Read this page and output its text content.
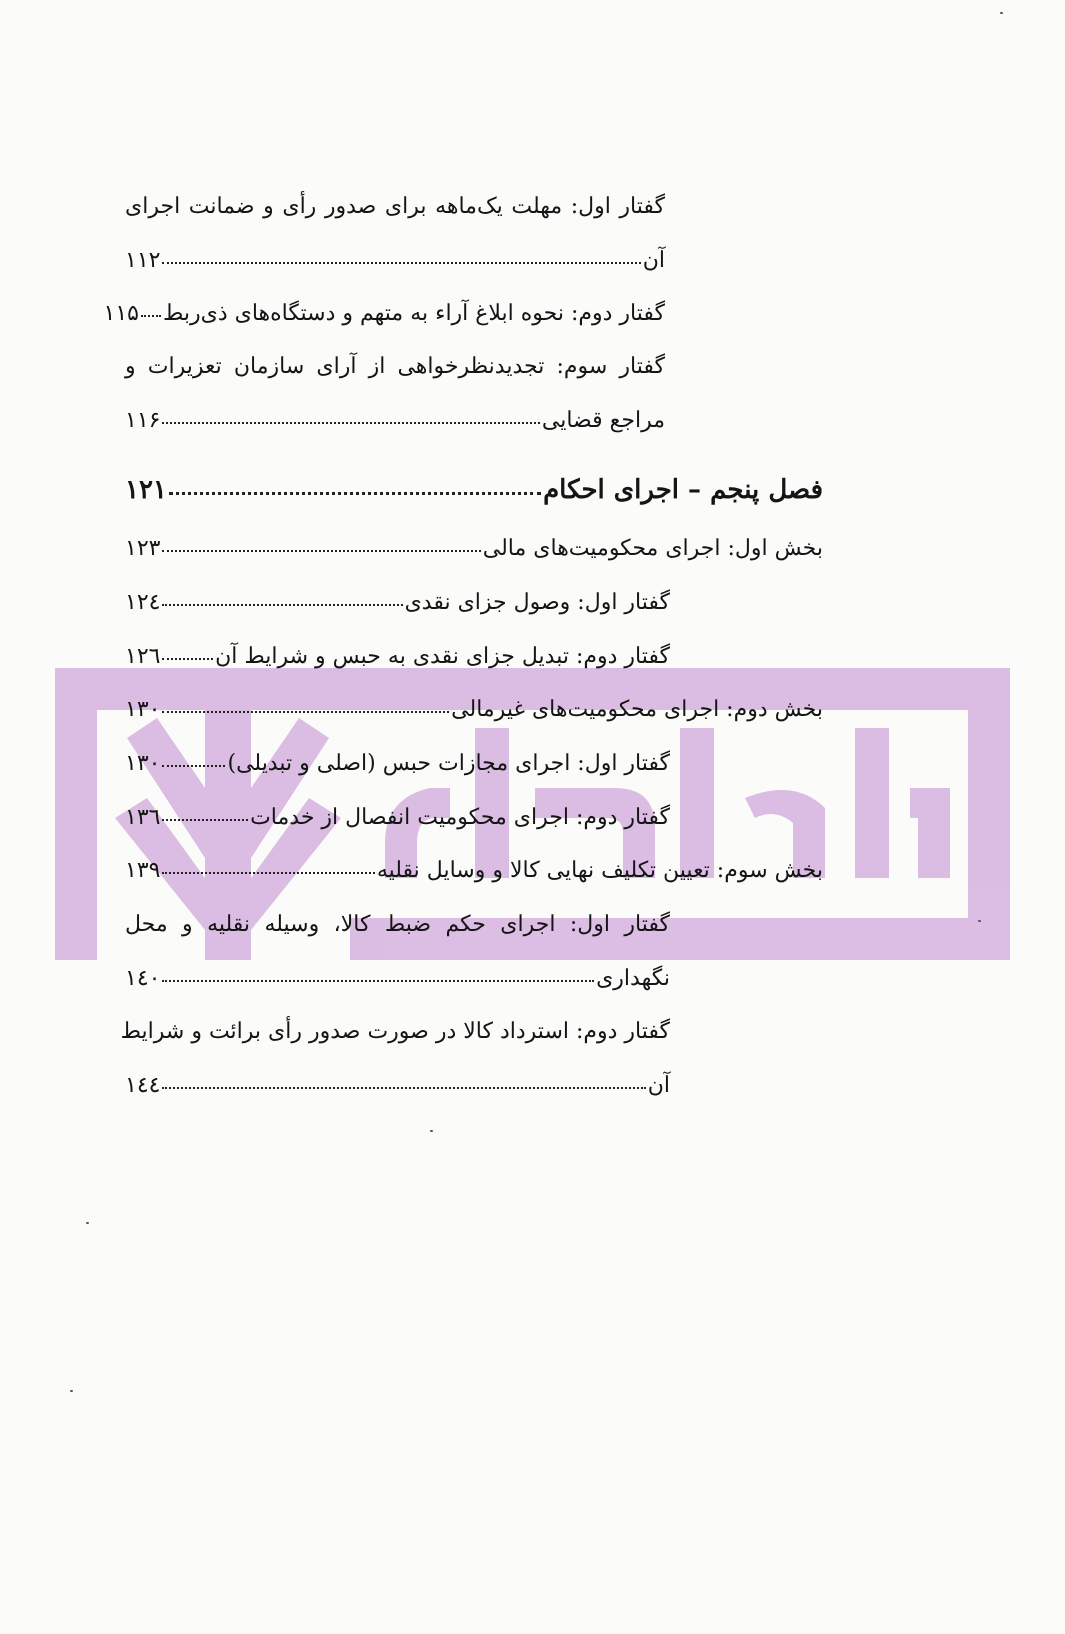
گفتار اول: مهلت یک‌ماهه برای صدور رأی و ضمانت اجرای
آن
۱۱۲
گفتار دوم: نحوه ابلاغ آراء به متهم و دستگاه‌های ذی‌ربط
۱۱۵
گفتار سوم: تجدیدنظرخواهی از آرای سازمان تعزیرات و
مراجع قضایی
۱۱۶
فصل پنجم – اجرای احکام
۱۲۱
بخش اول: اجرای محکومیت‌های مالی
۱۲۳
گفتار اول: وصول جزای نقدی
۱۲٤
گفتار دوم: تبدیل جزای نقدی به حبس و شرایط آن
۱۲٦
بخش دوم: اجرای محکومیت‌های غیرمالی
۱۳۰
گفتار اول: اجرای مجازات حبس (اصلی و تبدیلی)
۱۳۰
گفتار دوم: اجرای محکومیت انفصال از خدمات
۱۳٦
بخش سوم: تعیین تکلیف نهایی کالا و وسایل نقلیه
۱۳۹
گفتار اول: اجرای حکم ضبط کالا، وسیله نقلیه و محل
نگهداری
۱٤۰
گفتار دوم: استرداد کالا در صورت صدور رأی برائت و شرایط
آن
۱٤٤
